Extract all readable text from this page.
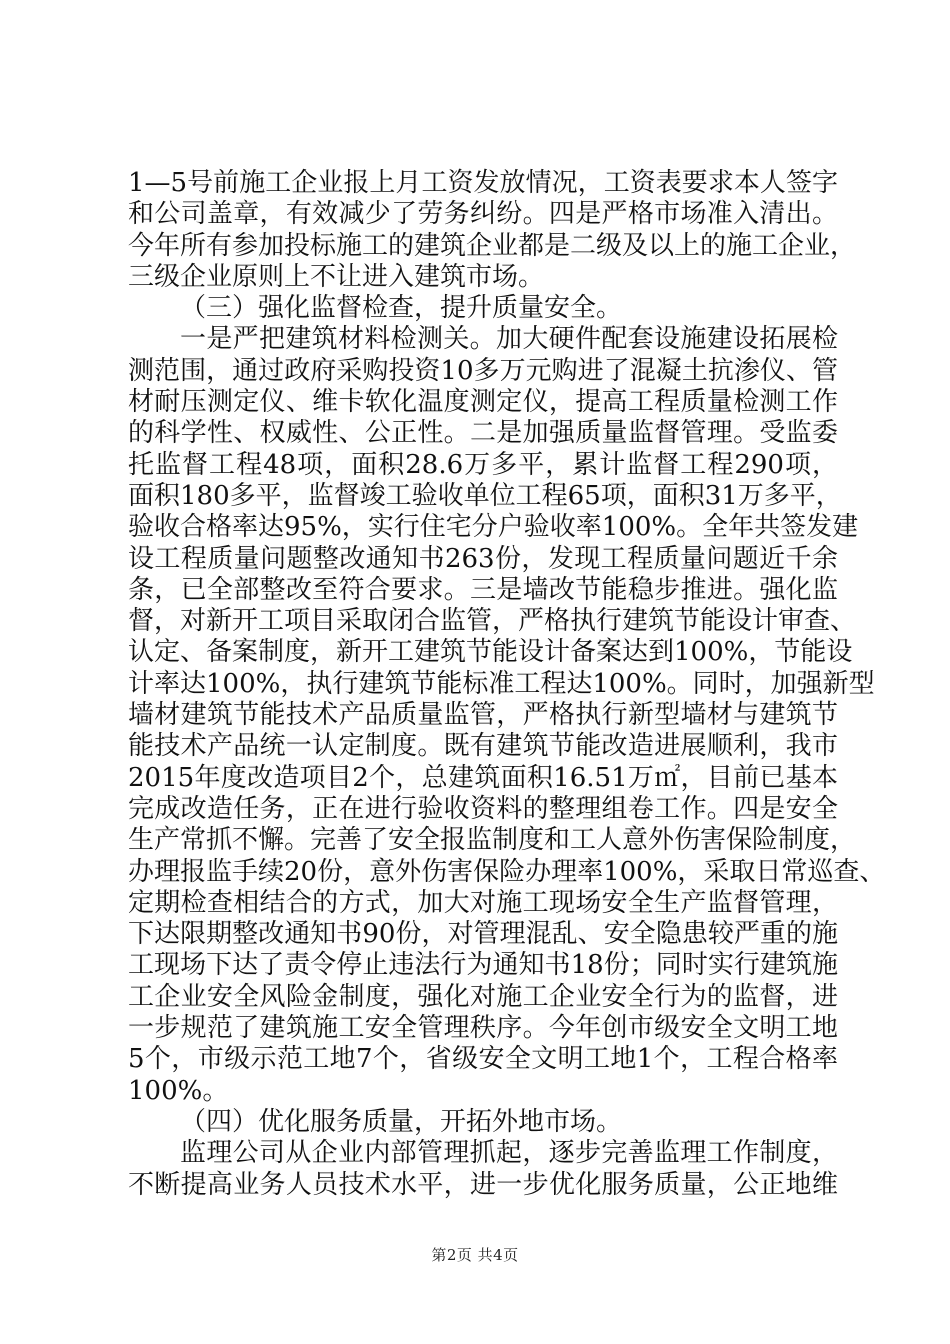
1—5号前施工企业报上月工资发放情况，工资表要求本人签字
和公司盖章，有效减少了劳务纠纷。四是严格市场准入清出。
今年所有参加投标施工的建筑企业都是二级及以上的施工企业，
三级企业原则上不让进入建筑市场。
（三）强化监督检查，提升质量安全。
一是严把建筑材料检测关。加大硬件配套设施建设拓展检
测范围，通过政府采购投资10多万元购进了混凝土抗渗仪、管
材耐压测定仪、维卡软化温度测定仪，提高工程质量检测工作
的科学性、权威性、公正性。二是加强质量监督管理。受监委
托监督工程48项，面积28.6万多平，累计监督工程290项，
面积180多平，监督竣工验收单位工程65项，面积31万多平，
验收合格率达95%，实行住宅分户验收率100%。全年共签发建
设工程质量问题整改通知书263份，发现工程质量问题近千余
条，已全部整改至符合要求。三是墙改节能稳步推进。强化监
督，对新开工项目采取闭合监管，严格执行建筑节能设计审查、
认定、备案制度，新开工建筑节能设计备案达到100%，节能设
计率达100%，执行建筑节能标准工程达100%。同时，加强新型
墙材建筑节能技术产品质量监管，严格执行新型墙材与建筑节
能技术产品统一认定制度。既有建筑节能改造进展顺利，我市
2015年度改造项目2个，总建筑面积16.51万㎡，目前已基本
完成改造任务，正在进行验收资料的整理组卷工作。四是安全
生产常抓不懈。完善了安全报监制度和工人意外伤害保险制度，
办理报监手续20份，意外伤害保险办理率100%，采取日常巡查、
定期检查相结合的方式，加大对施工现场安全生产监督管理，
下达限期整改通知书90份，对管理混乱、安全隐患较严重的施
工现场下达了责令停止违法行为通知书18份；同时实行建筑施
工企业安全风险金制度，强化对施工企业安全行为的监督，进
一步规范了建筑施工安全管理秩序。今年创市级安全文明工地
5个，市级示范工地7个，省级安全文明工地1个，工程合格率
100%。
（四）优化服务质量，开拓外地市场。
监理公司从企业内部管理抓起，逐步完善监理工作制度，
不断提高业务人员技术水平，进一步优化服务质量，公正地维
第2页 共4页
